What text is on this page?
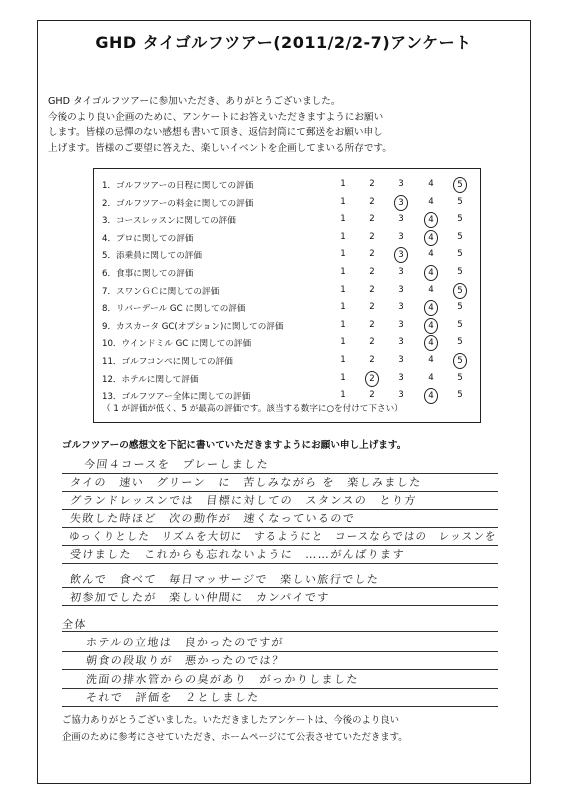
GHD タイゴルフツアー(2011/2/2-7)アンケート
GHD タイゴルフツアーに参加いただき、ありがとうございました。
今後のより良い企画のために、アンケートにお答えいただきますようにお願い
します。皆様の忌憚のない感想も書いて頂き、返信封筒にて郵送をお願い申し
上げます。皆様のご要望に答えた、楽しいイベントを企画してまいる所存です。
（ 1 が評価が低く、5 が最高の評価です。該当する数字に○を付けて下さい）
1．ゴルフツアーの日程に関しての評価	1	2	3	4	5
2．ゴルフツアーの料金に関しての評価	1	2	3	4	5
3．コースレッスンに関しての評価	1	2	3	4	5
4．プロに関しての評価	1	2	3	4	5
5．添乗員に関しての評価	1	2	3	4	5
6．食事に関しての評価	1	2	3	4	5
7．スワンＧＣに関しての評価	1	2	3	4	5
8．リバーデール GC に関しての評価	1	2	3	4	5
9．カスカータ GC(オプション)に関しての評価	1	2	3	4	5
10．ウインドミル GC に関しての評価	1	2	3	4	5
11．ゴルフコンペに関しての評価	1	2	3	4	5
12．ホテルに関して評価	1	2	3	4	5
13．ゴルフツアー全体に関しての評価	1	2	3	4	5
ゴルフツアーの感想文を下記に書いていただきますようにお願い申し上げます。
今回４コースを　プレーしました
タイの　速い　グリーン　に　苦しみながら を　楽しみました
グランドレッスンでは　目標に対しての　スタンスの　とり方
失敗した時ほど　次の動作が　速くなっているので
ゆっくりとした　リズムを大切に　するようにと　コースならではの　レッスンを
受けました　これからも忘れないように　……がんばります
飲んで　食べて　毎日マッサージで　楽しい旅行でした
初参加でしたが　楽しい仲間に　カンパイです
全体
ホテルの立地は　良かったのですが
朝食の段取りが　悪かったのでは？
洗面の排水管からの臭があり　がっかりしました
それで　評価を　２としました
ご協力ありがとうございました。いただきましたアンケートは、今後のより良い
企画のために参考にさせていただき、ホームページにて公表させていただきます。
